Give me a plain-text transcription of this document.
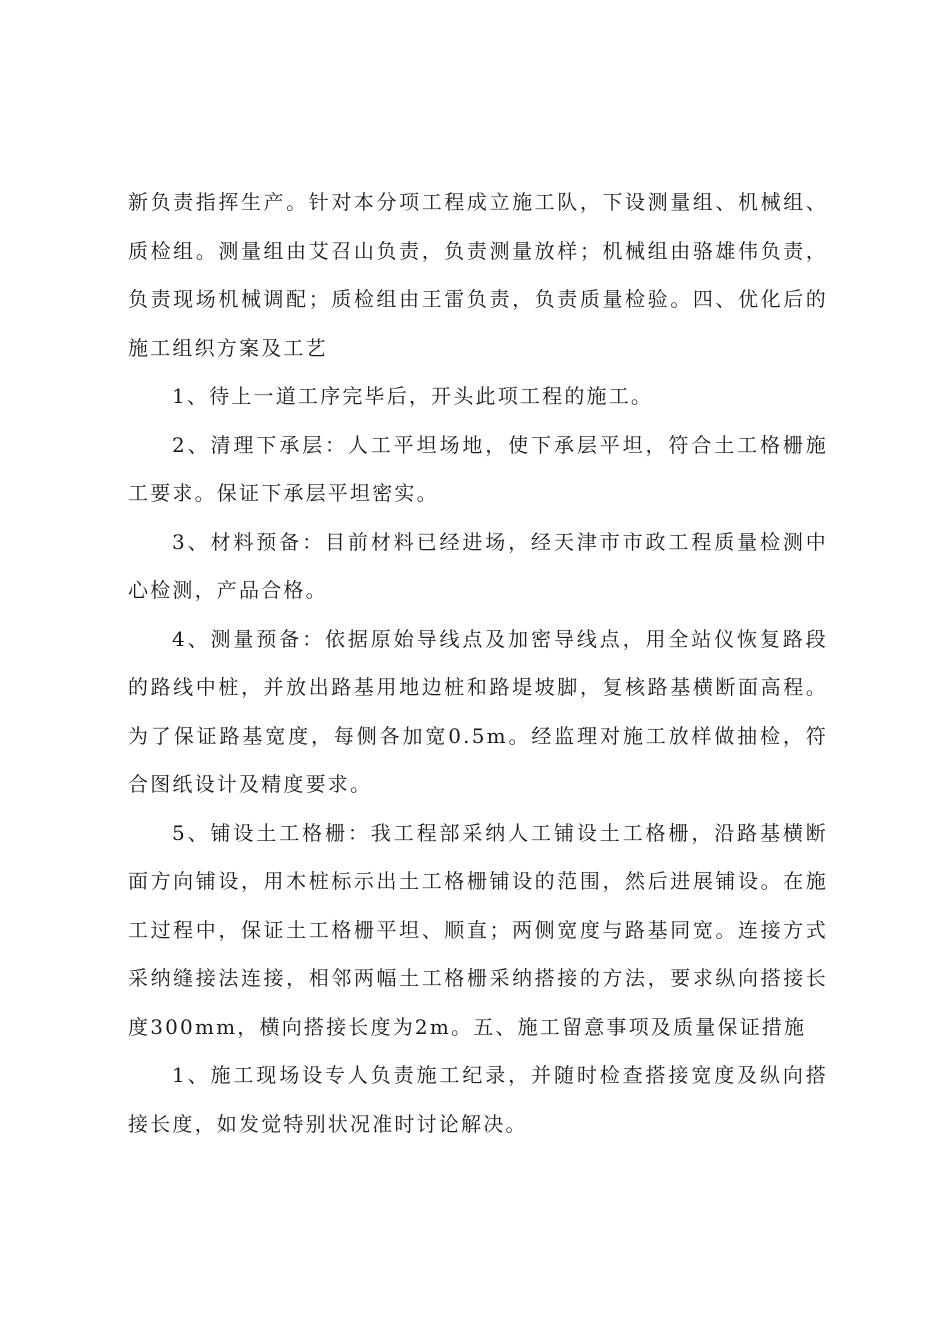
新负责指挥生产。针对本分项工程成立施工队，下设测量组、机械组、质检组。测量组由艾召山负责，负责测量放样；机械组由骆雄伟负责，负责现场机械调配；质检组由王雷负责，负责质量检验。四、优化后的施工组织方案及工艺

1、待上一道工序完毕后，开头此项工程的施工。

2、清理下承层：人工平坦场地，使下承层平坦，符合土工格栅施工要求。保证下承层平坦密实。

3、材料预备：目前材料已经进场，经天津市市政工程质量检测中心检测，产品合格。

4、测量预备：依据原始导线点及加密导线点，用全站仪恢复路段的路线中桩，并放出路基用地边桩和路堤坡脚，复核路基横断面高程。为了保证路基宽度，每侧各加宽0.5m。经监理对施工放样做抽检，符合图纸设计及精度要求。

5、铺设土工格栅：我工程部采纳人工铺设土工格栅，沿路基横断面方向铺设，用木桩标示出土工格栅铺设的范围，然后进展铺设。在施工过程中，保证土工格栅平坦、顺直；两侧宽度与路基同宽。连接方式采纳缝接法连接，相邻两幅土工格栅采纳搭接的方法，要求纵向搭接长度300mm，横向搭接长度为2m。五、施工留意事项及质量保证措施

1、施工现场设专人负责施工纪录，并随时检查搭接宽度及纵向搭接长度，如发觉特别状况准时讨论解决。
